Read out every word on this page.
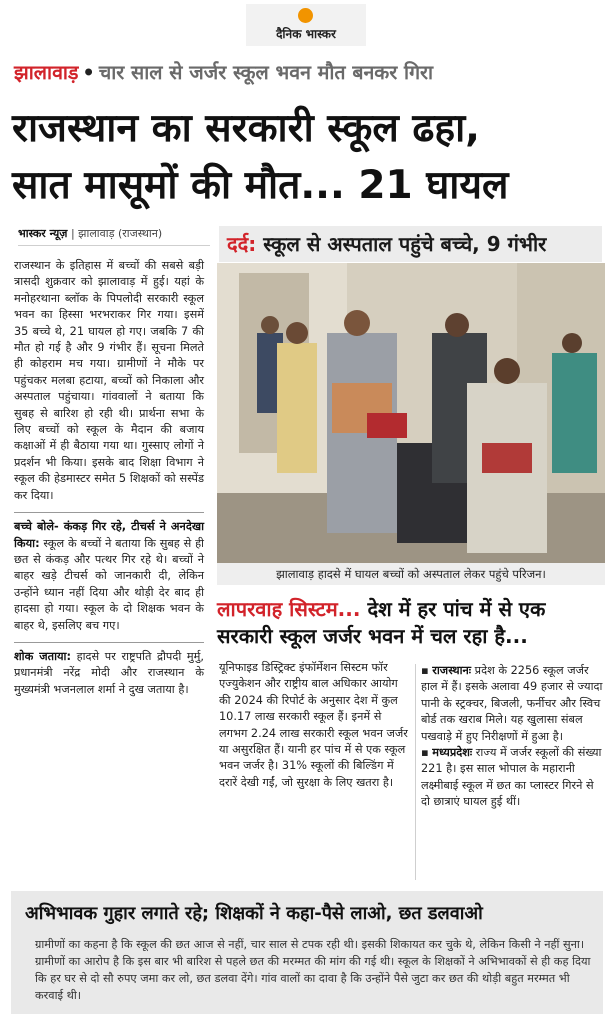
दैनिक भास्कर
झालावाड़ • चार साल से जर्जर स्कूल भवन मौत बनकर गिरा
राजस्थान का सरकारी स्कूल ढहा,
सात मासूमों की मौत... 21 घायल
भास्कर न्यूज़ | झालावाड़ (राजस्थान)

राजस्थान के इतिहास में बच्चों की सबसे बड़ी त्रासदी शुक्रवार को झालावाड़ में हुई। यहां के मनोहरथाना ब्लॉक के पिपलोदी सरकारी स्कूल भवन का हिस्सा भरभराकर गिर गया। इसमें 35 बच्चे थे, 21 घायल हो गए। जबकि 7 की मौत हो गई है और 9 गंभीर हैं। सूचना मिलते ही कोहराम मच गया। ग्रामीणों ने मौके पर पहुंचकर मलबा हटाया, बच्चों को निकाला और अस्पताल पहुंचाया। गांववालों ने बताया कि सुबह से बारिश हो रही थी। प्रार्थना सभा के लिए बच्चों को स्कूल के मैदान की बजाय कक्षाओं में ही बैठाया गया था। गुस्साए लोगों ने प्रदर्शन भी किया। इसके बाद शिक्षा विभाग ने स्कूल की हेडमास्टर समेत 5 शिक्षकों को सस्पेंड कर दिया।

बच्चे बोले- कंकड़ गिर रहे, टीचर्स ने अनदेखा किया: स्कूल के बच्चों ने बताया कि सुबह से ही छत से कंकड़ और पत्थर गिर रहे थे। बच्चों ने बाहर खड़े टीचर्स को जानकारी दी, लेकिन उन्होंने ध्यान नहीं दिया और थोड़ी देर बाद ही हादसा हो गया। स्कूल के दो शिक्षक भवन के बाहर थे, इसलिए बच गए।

शोक जताया: हादसे पर राष्ट्रपति द्रौपदी मुर्मु, प्रधानमंत्री नरेंद्र मोदी और राजस्थान के मुख्यमंत्री भजनलाल शर्मा ने दुख जताया है।

दर्द: स्कूल से अस्पताल पहुंचे बच्चे, 9 गंभीर
झालावाड़ हादसे में घायल बच्चों को अस्पताल लेकर पहुंचे परिजन।
लापरवाह सिस्टम... देश में हर पांच में से एक सरकारी स्कूल जर्जर भवन में चल रहा है...
यूनिफाइड डिस्ट्रिक्ट इंफॉर्मेशन सिस्टम फॉर एज्युकेशन और राष्ट्रीय बाल अधिकार आयोग की 2024 की रिपोर्ट के अनुसार देश में कुल 10.17 लाख सरकारी स्कूल हैं। इनमें से लगभग 2.24 लाख सरकारी स्कूल भवन जर्जर या असुरक्षित हैं। यानी हर पांच में से एक स्कूल भवन जर्जर है। 31% स्कूलों की बिल्डिंग में दरारें देखी गईं, जो सुरक्षा के लिए खतरा है।

▪ राजस्थानः प्रदेश के 2256 स्कूल जर्जर हाल में हैं। इसके अलावा 49 हजार से ज्यादा पानी के स्ट्रक्चर, बिजली, फर्नीचर और स्विच बोर्ड तक खराब मिले। यह खुलासा संबल पखवाड़े में हुए निरीक्षणों में हुआ है।

▪ मध्यप्रदेशः राज्य में जर्जर स्कूलों की संख्या 221 है। इस साल भोपाल के महारानी लक्ष्मीबाई स्कूल में छत का प्लास्टर गिरने से दो छात्राएं घायल हुई थीं।

अभिभावक गुहार लगाते रहे; शिक्षकों ने कहा-पैसे लाओ, छत डलवाओ
ग्रामीणों का कहना है कि स्कूल की छत आज से नहीं, चार साल से टपक रही थी। इसकी शिकायत कर चुके थे, लेकिन किसी ने नहीं सुना। ग्रामीणों का आरोप है कि इस बार भी बारिश से पहले छत की मरम्मत की मांग की गई थी। स्कूल के शिक्षकों ने अभिभावकों से ही कह दिया कि हर घर से दो सौ रुपए जमा कर लो, छत डलवा देंगे। गांव वालों का दावा है कि उन्होंने पैसे जुटा कर छत की थोड़ी बहुत मरम्मत भी करवाई थी।
